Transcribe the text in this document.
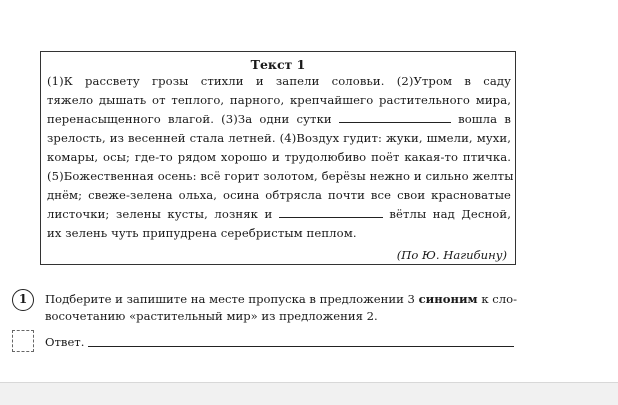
Текст 1
(1)К рассвету грозы стихли и запели соловьи. (2)Утром в саду
тяжело дышать от теплого, парного, крепчайшего растительного мира,
перенасыщенного влагой. (3)За одни сутки	вошла в
зрелость, из весенней стала летней. (4)Воздух гудит: жуки, шмели, мухи,
комары, осы; где-то рядом хорошо и трудолюбиво поёт какая-то птичка.
(5)Божественная осень: всё горит золотом, берёзы нежно и сильно желты
днём; свеже-зелена ольха, осина обтрясла почти все свои красноватые
листочки; зелены кусты, лозняк и	вётлы над Десной,
их зелень чуть припудрена серебристым пеплом.
(По Ю. Нагибину)
1	Подберите и запишите на месте пропуска в предложении 3 синоним к сло-
восочетанию «растительный мир» из предложения 2.
Ответ.
